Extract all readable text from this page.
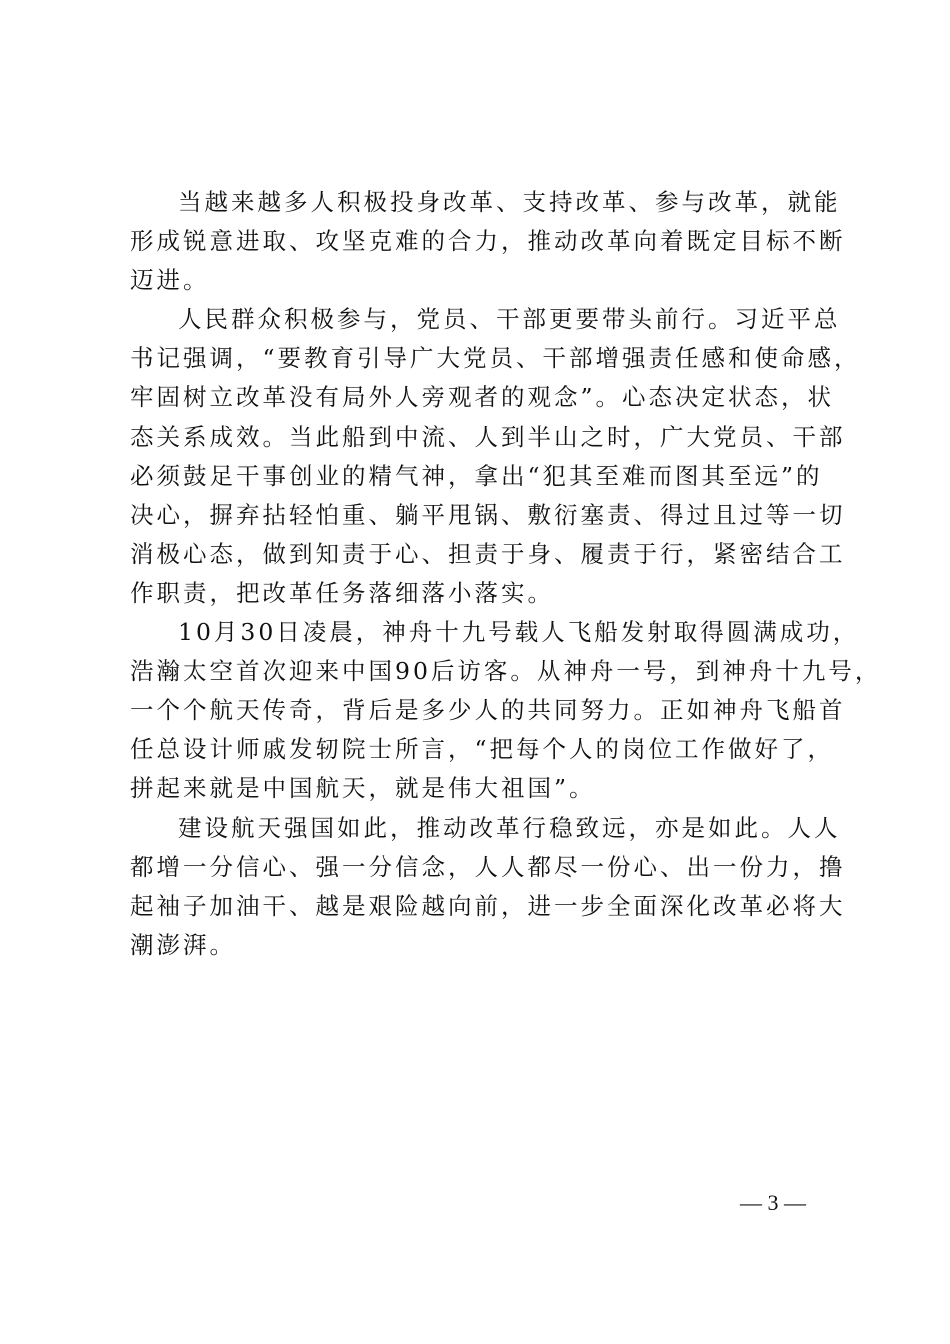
当越来越多人积极投身改革、支持改革、参与改革，就能
形成锐意进取、攻坚克难的合力，推动改革向着既定目标不断
迈进。
人民群众积极参与，党员、干部更要带头前行。习近平总
书记强调，“要教育引导广大党员、干部增强责任感和使命感，
牢固树立改革没有局外人旁观者的观念”。心态决定状态，状
态关系成效。当此船到中流、人到半山之时，广大党员、干部
必须鼓足干事创业的精气神，拿出“犯其至难而图其至远”的
决心，摒弃拈轻怕重、躺平甩锅、敷衍塞责、得过且过等一切
消极心态，做到知责于心、担责于身、履责于行，紧密结合工
作职责，把改革任务落细落小落实。
10月30日凌晨，神舟十九号载人飞船发射取得圆满成功，
浩瀚太空首次迎来中国90后访客。从神舟一号，到神舟十九号，
一个个航天传奇，背后是多少人的共同努力。正如神舟飞船首
任总设计师戚发轫院士所言，“把每个人的岗位工作做好了，
拼起来就是中国航天，就是伟大祖国”。
建设航天强国如此，推动改革行稳致远，亦是如此。人人
都增一分信心、强一分信念，人人都尽一份心、出一份力，撸
起袖子加油干、越是艰险越向前，进一步全面深化改革必将大
潮澎湃。
— 3 —
